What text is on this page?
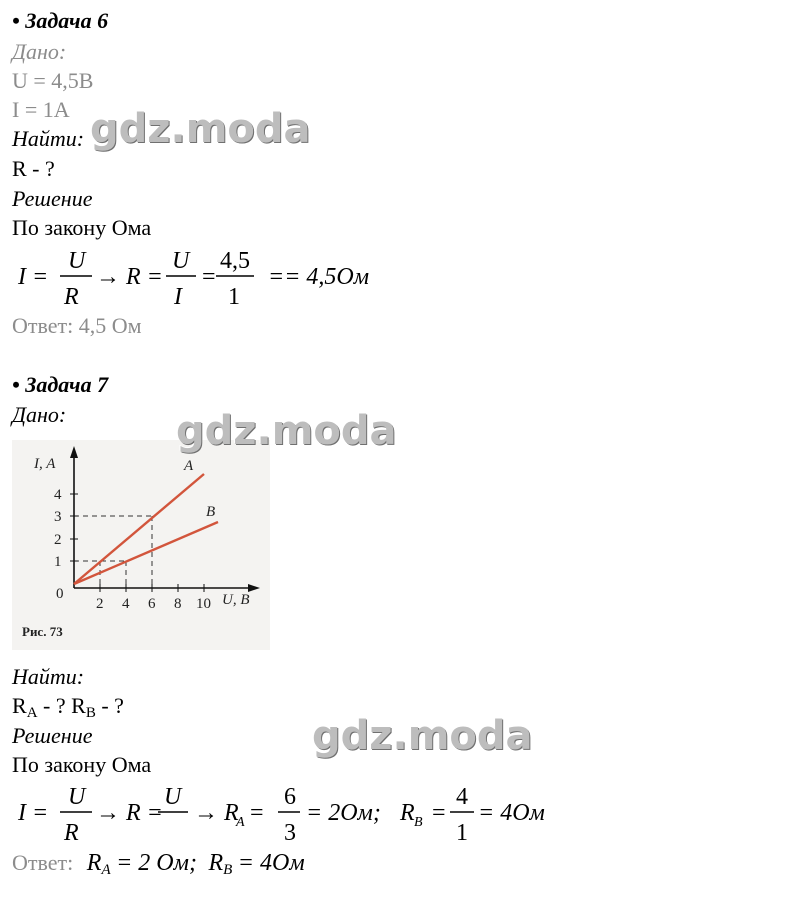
• Задача 6
Дано:
U = 4,5В
I = 1А
Найти:
R - ?
Решение
По закону Ома
I =
U
R
→ R =
U
I
=
4,5
1
== 4,5Ом
Ответ: 4,5 Ом
• Задача 7
Дано:
I, A
U, B
0
1
2
3
4
2 4 6 8 10
A
B
Рис. 73
Найти:
$R_A$ - ? $R_B$ - ?
Решение
По закону Ома
I =
U
R
→ R =
U
→ R
A =
6
3
= 2Ом; R B =
4
1
= 4Ом
Ответ: $R_A = 2$ Ом; $R_B = 4Ом$
gdz.moda
gdz.moda
gdz.moda
